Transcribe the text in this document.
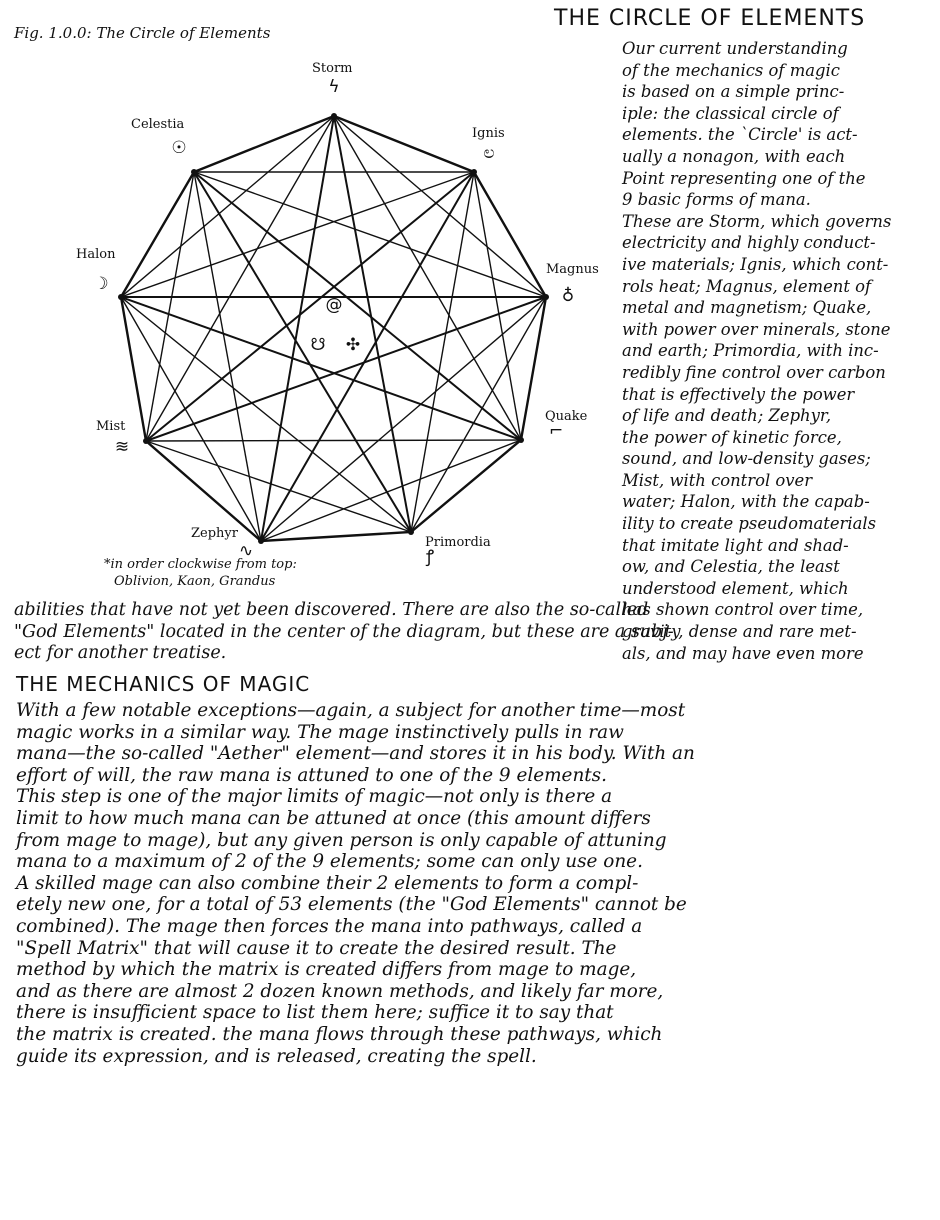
Fig. 1.0.0: The Circle of Elements
THE CIRCLE OF ELEMENTS
Storm
Ignis
Magnus
Quake
Primordia
Zephyr
Mist
Halon
Celestia
ϟ
ಲ
♁
⌐
ꝭ
∿
≋
☽
☉
@
☋ ✣
*in order clockwise from top:
Oblivion, Kaon, Grandus
Our current understanding
of the mechanics of magic
is based on a simple princ-
iple: the classical circle of
elements. the `Circle' is act-
ually a nonagon, with each
Point representing one of the
9 basic forms of mana.
These are Storm, which governs
electricity and highly conduct-
ive materials; Ignis, which cont-
rols heat; Magnus, element of
metal and magnetism; Quake,
with power over minerals, stone
and earth; Primordia, with inc-
redibly fine control over carbon
that is effectively the power
of life and death; Zephyr,
the power of kinetic force,
sound, and low-density gases;
Mist, with control over
water; Halon, with the capab-
ility to create pseudomaterials
that imitate light and shad-
ow, and Celestia, the least
understood element, which
has shown control over time,
gravity, dense and rare met-
als, and may have even more
abilities that have not yet been discovered. There are also the so-called
"God Elements" located in the center of the diagram, but these are a subj-
ect for another treatise.
THE MECHANICS OF MAGIC
With a few notable exceptions—again, a subject for another time—most
magic works in a similar way. The mage instinctively pulls in raw
mana—the so-called "Aether" element—and stores it in his body. With an
effort of will, the raw mana is attuned to one of the 9 elements.
This step is one of the major limits of magic—not only is there a
limit to how much mana can be attuned at once (this amount differs
from mage to mage), but any given person is only capable of attuning
mana to a maximum of 2 of the 9 elements; some can only use one.
A skilled mage can also combine their 2 elements to form a compl-
etely new one, for a total of 53 elements (the "God Elements" cannot be
combined). The mage then forces the mana into pathways, called a
"Spell Matrix" that will cause it to create the desired result. The
method by which the matrix is created differs from mage to mage,
and as there are almost 2 dozen known methods, and likely far more,
there is insufficient space to list them here; suffice it to say that
the matrix is created. the mana flows through these pathways, which
guide its expression, and is released, creating the spell.
